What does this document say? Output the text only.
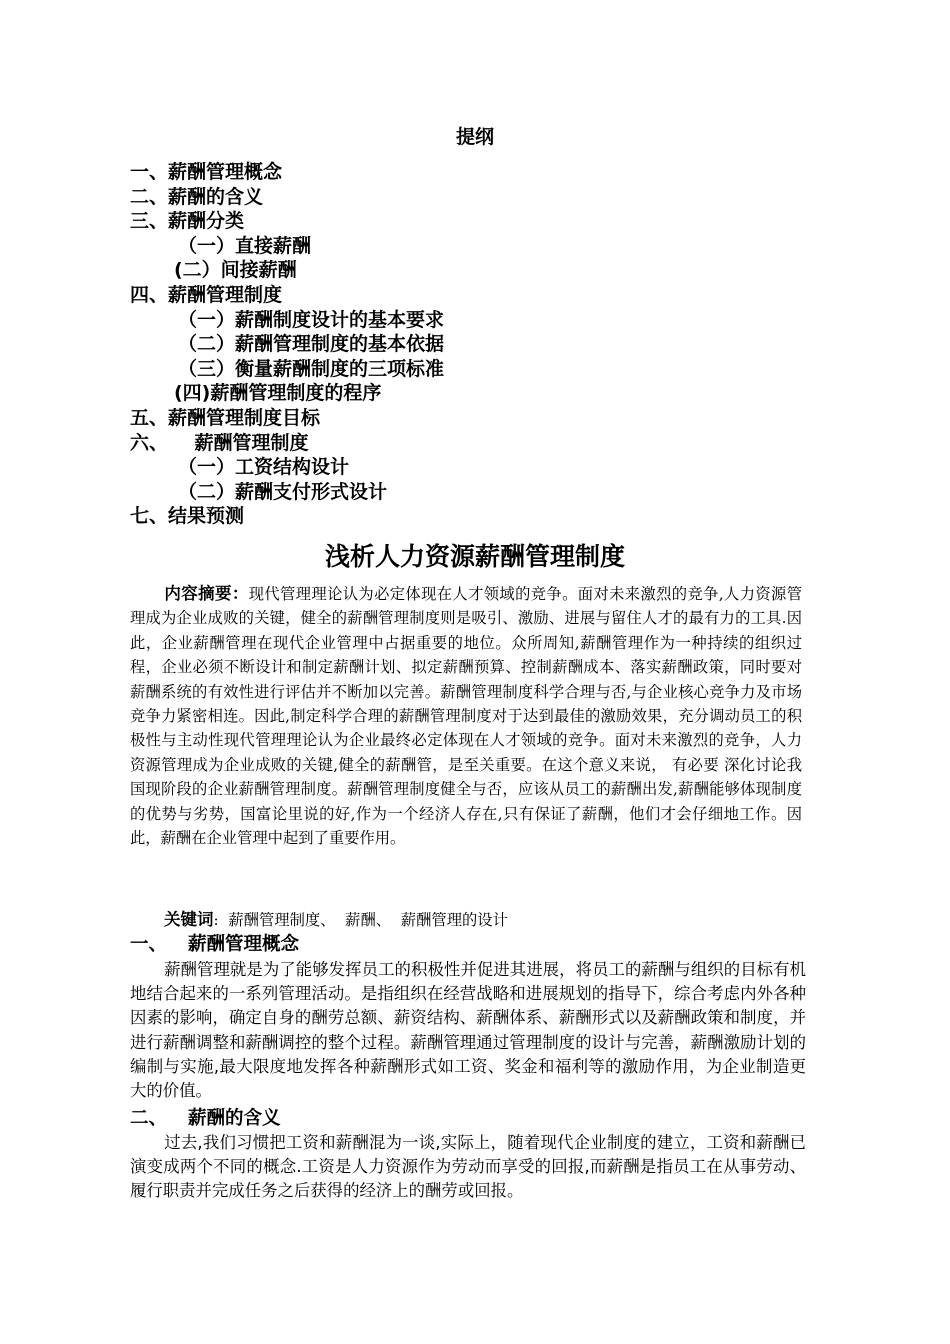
提纲
一、薪酬管理概念
二、薪酬的含义
三、薪酬分类
（一）直接薪酬
(二）间接薪酬
四、薪酬管理制度
（一）薪酬制度设计的基本要求
（二）薪酬管理制度的基本依据
（三）衡量薪酬制度的三项标准
(四)薪酬管理制度的程序
五、薪酬管理制度目标
六、    薪酬管理制度
（一）工资结构设计
（二）薪酬支付形式设计
七、结果预测
浅析人力资源薪酬管理制度

内容摘要：现代管理理论认为必定体现在人才领域的竞争。面对未来激烈的竞争,人力资源管理成为企业成败的关键，健全的薪酬管理制度则是吸引、激励、进展与留住人才的最有力的工具.因此，企业薪酬管理在现代企业管理中占据重要的地位。众所周知,薪酬管理作为一种持续的组织过程，企业必须不断设计和制定薪酬计划、拟定薪酬预算、控制薪酬成本、落实薪酬政策，同时要对薪酬系统的有效性进行评估并不断加以完善。薪酬管理制度科学合理与否,与企业核心竞争力及市场竞争力紧密相连。因此,制定科学合理的薪酬管理制度对于达到最佳的激励效果，充分调动员工的积极性与主动性现代管理理论认为企业最终必定体现在人才领域的竞争。面对未来激烈的竞争，人力资源管理成为企业成败的关键,健全的薪酬管，是至关重要。在这个意义来说， 有必要 深化讨论我国现阶段的企业薪酬管理制度。薪酬管理制度健全与否，应该从员工的薪酬出发,薪酬能够体现制度的优势与劣势，国富论里说的好,作为一个经济人存在,只有保证了薪酬，他们才会仔细地工作。因此，薪酬在企业管理中起到了重要作用。

关键词:  薪酬管理制度、  薪酬、  薪酬管理的设计
一、 薪酬管理概念

薪酬管理就是为了能够发挥员工的积极性并促进其进展，将员工的薪酬与组织的目标有机地结合起来的一系列管理活动。是指组织在经营战略和进展规划的指导下，综合考虑内外各种因素的影响，确定自身的酬劳总额、薪资结构、薪酬体系、薪酬形式以及薪酬政策和制度，并进行薪酬调整和薪酬调控的整个过程。薪酬管理通过管理制度的设计与完善，薪酬激励计划的编制与实施,最大限度地发挥各种薪酬形式如工资、奖金和福利等的激励作用，为企业制造更大的价值。

二、 薪酬的含义

过去,我们习惯把工资和薪酬混为一谈,实际上，随着现代企业制度的建立，工资和薪酬已演变成两个不同的概念.工资是人力资源作为劳动而享受的回报,而薪酬是指员工在从事劳动、履行职责并完成任务之后获得的经济上的酬劳或回报。
